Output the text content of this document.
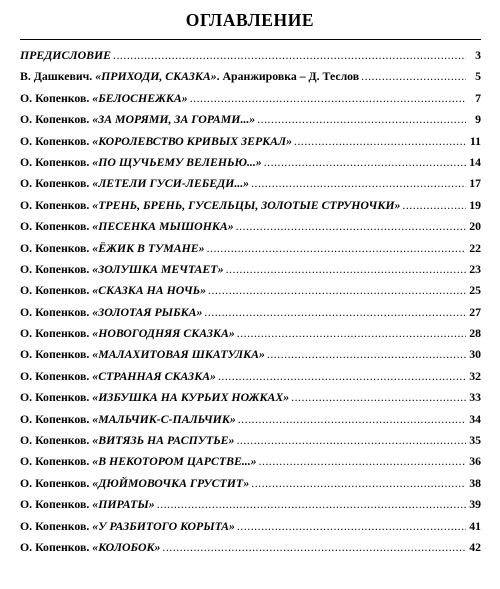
ОГЛАВЛЕНИЕ
ПРЕДИСЛОВИЕ .....	3
В. Дашкевич. «ПРИХОДИ, СКАЗКА». Аранжировка – Д. Теслов .....	5
О. Копенков. «БЕЛОСНЕЖКА» .....	7
О. Копенков. «ЗА МОРЯМИ, ЗА ГОРАМИ...» .....	9
О. Копенков. «КОРОЛЕВСТВО КРИВЫХ ЗЕРКАЛ» .....	11
О. Копенков. «ПО ЩУЧЬЕМУ ВЕЛЕНЬЮ...» .....	14
О. Копенков. «ЛЕТЕЛИ ГУСИ-ЛЕБЕДИ...» .....	17
О. Копенков. «ТРЕНЬ, БРЕНЬ, ГУСЕЛЬЦЫ, ЗОЛОТЫЕ СТРУНОЧКИ» .....	19
О. Копенков. «ПЕСЕНКА МЫШОНКА» .....	20
О. Копенков. «ЁЖИК В ТУМАНЕ» .....	22
О. Копенков. «ЗОЛУШКА МЕЧТАЕТ» .....	23
О. Копенков. «СКАЗКА НА НОЧЬ» .....	25
О. Копенков. «ЗОЛОТАЯ РЫБКА» .....	27
О. Копенков. «НОВОГОДНЯЯ СКАЗКА» .....	28
О. Копенков. «МАЛАХИТОВАЯ ШКАТУЛКА» .....	30
О. Копенков. «СТРАННАЯ СКАЗКА» .....	32
О. Копенков. «ИЗБУШКА НА КУРЬИХ НОЖКАХ» .....	33
О. Копенков. «МАЛЬЧИК-С-ПАЛЬЧИК» .....	34
О. Копенков. «ВИТЯЗЬ НА РАСПУТЬЕ» .....	35
О. Копенков. «В НЕКОТОРОМ ЦАРСТВЕ...» .....	36
О. Копенков. «ДЮЙМОВОЧКА ГРУСТИТ» .....	38
О. Копенков. «ПИРАТЫ» .....	39
О. Копенков. «У РАЗБИТОГО КОРЫТА» .....	41
О. Копенков. «КОЛОБОК» .....	42
